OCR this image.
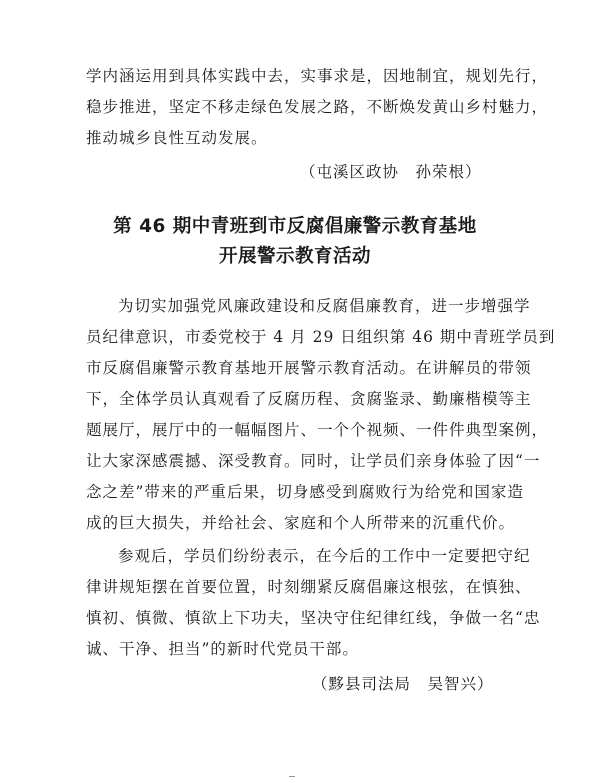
学内涵运用到具体实践中去，实事求是，因地制宜，规划先行，
稳步推进，坚定不移走绿色发展之路，不断焕发黄山乡村魅力，
推动城乡良性互动发展。
（屯溪区政协　孙荣根）
第 46 期中青班到市反腐倡廉警示教育基地
开展警示教育活动
为切实加强党风廉政建设和反腐倡廉教育，进一步增强学
员纪律意识，市委党校于 4 月 29 日组织第 46 期中青班学员到
市反腐倡廉警示教育基地开展警示教育活动。在讲解员的带领
下，全体学员认真观看了反腐历程、贪腐鉴录、勤廉楷模等主
题展厅，展厅中的一幅幅图片、一个个视频、一件件典型案例，
让大家深感震撼、深受教育。同时，让学员们亲身体验了因“一
念之差”带来的严重后果，切身感受到腐败行为给党和国家造
成的巨大损失，并给社会、家庭和个人所带来的沉重代价。
参观后，学员们纷纷表示，在今后的工作中一定要把守纪
律讲规矩摆在首要位置，时刻绷紧反腐倡廉这根弦，在慎独、
慎初、慎微、慎欲上下功夫，坚决守住纪律红线，争做一名“忠
诚、干净、担当”的新时代党员干部。
（黟县司法局　吴智兴）
